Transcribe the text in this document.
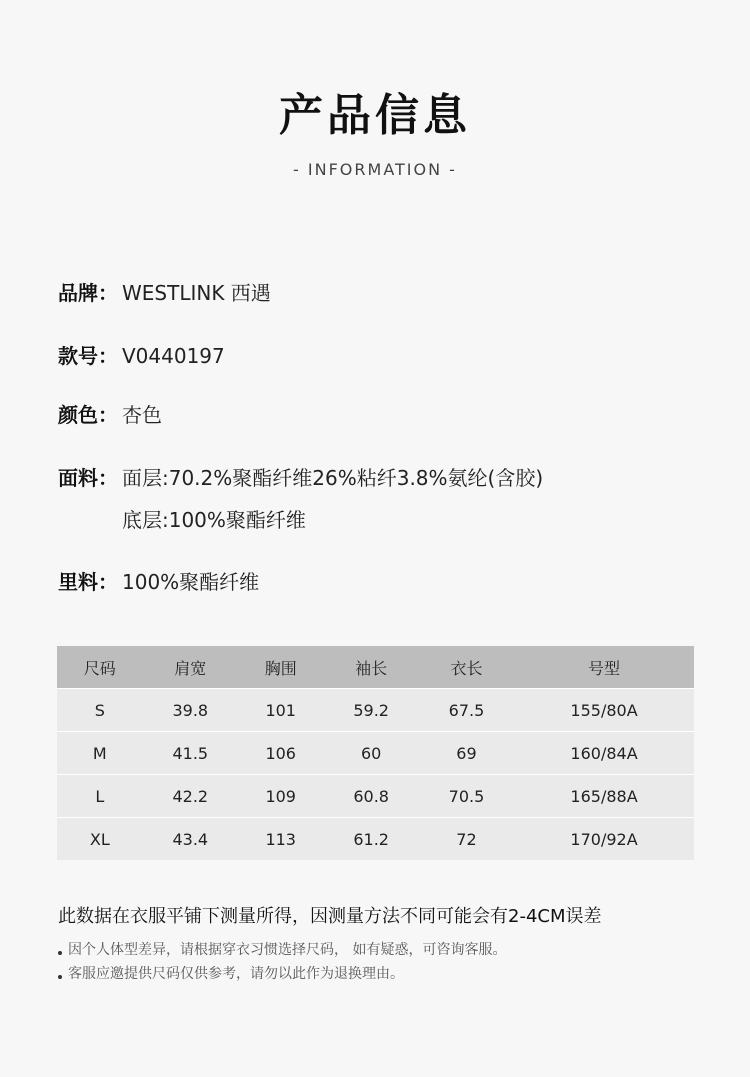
产品信息
- INFORMATION -
品牌： WESTLINK 西遇
款号： V0440197
颜色： 杏色
面料： 面层:70.2%聚酯纤维26%粘纤3.8%氨纶(含胶)
底层:100%聚酯纤维
里料： 100%聚酯纤维
尺码	肩宽	胸围	袖长	衣长	号型
S	39.8	101	59.2	67.5	155/80A
M	41.5	106	60	69	160/84A
L	42.2	109	60.8	70.5	165/88A
XL	43.4	113	61.2	72	170/92A
此数据在衣服平铺下测量所得，因测量方法不同可能会有2-4CM误差
因个人体型差异，请根据穿衣习惯选择尺码， 如有疑惑，可咨询客服。
客服应邀提供尺码仅供参考，请勿以此作为退换理由。
